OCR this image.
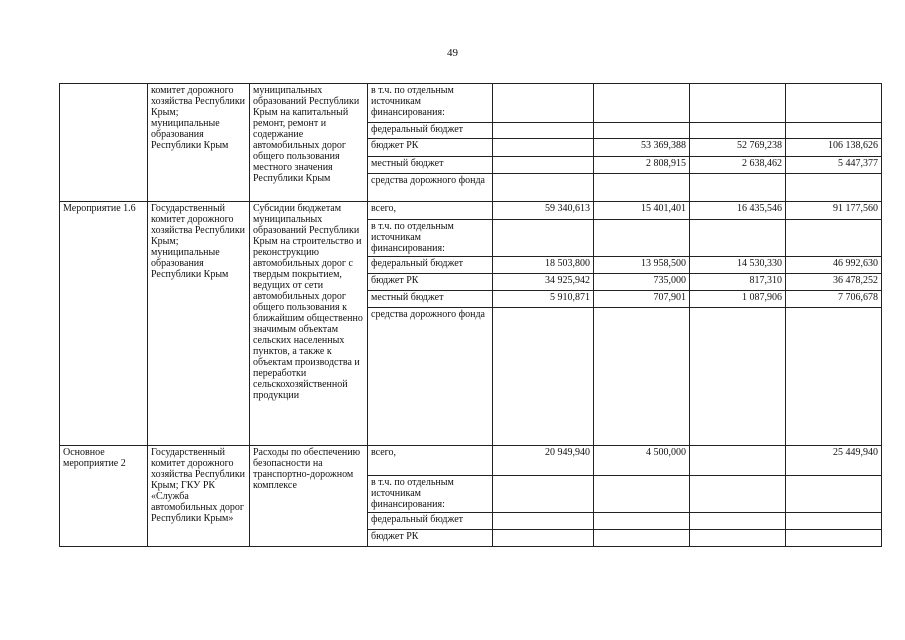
49
	комитет дорожного хозяйства Республики Крым; муниципальные образования Республики Крым	муниципальных образований Республики Крым на капитальный ремонт, ремонт и содержание автомобильных дорог общего пользования местного значения Республики Крым	в т.ч. по отдельным источникам финансирования:				
			федеральный бюджет				
			бюджет РК		53 369,388	52 769,238	106 138,626
			местный бюджет		2 808,915	2 638,462	5 447,377
			средства дорожного фонда				
Мероприятие 1.6	Государственный комитет дорожного хозяйства Республики Крым; муниципальные образования Республики Крым	Субсидии бюджетам муниципальных образований Республики Крым на строительство и реконструкцию автомобильных дорог с твердым покрытием, ведущих от сети автомобильных дорог общего пользования к ближайшим общественно значимым объектам сельских населенных пунктов, а также к объектам производства и переработки сельскохозяйственной продукции	всего,	59 340,613	15 401,401	16 435,546	91 177,560
			в т.ч. по отдельным источникам финансирования:				
			федеральный бюджет	18 503,800	13 958,500	14 530,330	46 992,630
			бюджет РК	34 925,942	735,000	817,310	36 478,252
			местный бюджет	5 910,871	707,901	1 087,906	7 706,678
			средства дорожного фонда				
Основное мероприятие 2	Государственный комитет дорожного хозяйства Республики Крым; ГКУ РК «Служба автомобильных дорог Республики Крым»	Расходы по обеспечению безопасности на транспортно-дорожном комплексе	всего,	20 949,940	4 500,000		25 449,940
			в т.ч. по отдельным источникам финансирования:				
			федеральный бюджет				
			бюджет РК				
